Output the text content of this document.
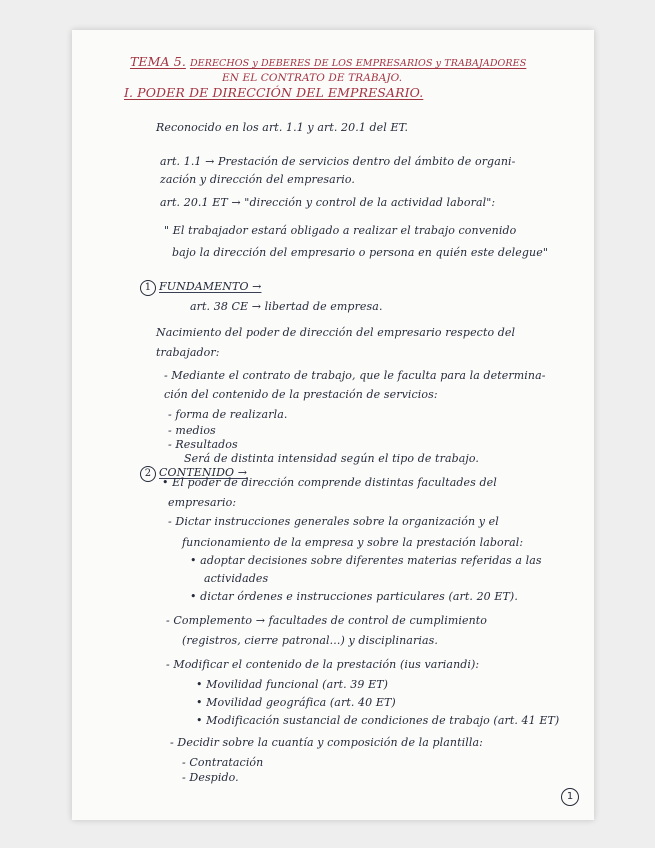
TEMA 5. DERECHOS y DEBERES DE LOS EMPRESARIOS y TRABAJADORES
EN EL CONTRATO DE TRABAJO.
I. PODER DE DIRECCIÓN DEL EMPRESARIO.
Reconocido en los art. 1.1 y art. 20.1 del ET.
art. 1.1 → Prestación de servicios dentro del ámbito de organi-
zación y dirección del empresario.
art. 20.1 ET → "dirección y control de la actividad laboral":
" El trabajador estará obligado a realizar el trabajo convenido
bajo la dirección del empresario o persona en quién este delegue"
1 FUNDAMENTO →
art. 38 CE → libertad de empresa.
Nacimiento del poder de dirección del empresario respecto del
trabajador:
- Mediante el contrato de trabajo, que le faculta para la determina-
ción del contenido de la prestación de servicios:
- forma de realizarla.
- medios
- Resultados
Será de distinta intensidad según el tipo de trabajo.
2 CONTENIDO →
• El poder de dirección comprende distintas facultades del
empresario:
- Dictar instrucciones generales sobre la organización y el
funcionamiento de la empresa y sobre la prestación laboral:
• adoptar decisiones sobre diferentes materias referidas a las
actividades
• dictar órdenes e instrucciones particulares (art. 20 ET).
- Complemento → facultades de control de cumplimiento
(registros, cierre patronal...) y disciplinarias.
- Modificar el contenido de la prestación (ius variandi):
• Movilidad funcional (art. 39 ET)
• Movilidad geográfica (art. 40 ET)
• Modificación sustancial de condiciones de trabajo (art. 41 ET)
- Decidir sobre la cuantía y composición de la plantilla:
- Contratación
- Despido.
1
